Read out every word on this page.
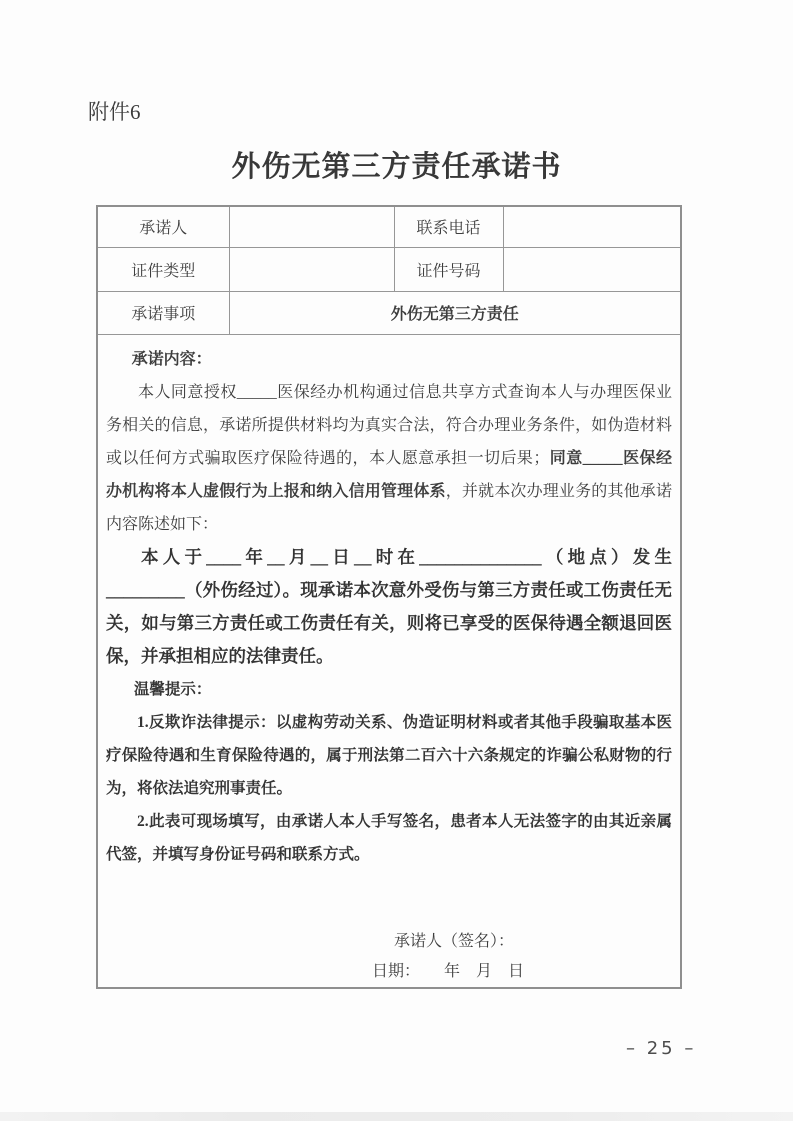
附件6
外伤无第三方责任承诺书
承诺人		联系电话	
证件类型		证件号码	
承诺事项	外伤无第三方责任		

承诺内容：

本人同意授权_____医保经办机构通过信息共享方式查询本人与办理医保业务相关的信息，承诺所提供材料均为真实合法，符合办理业务条件，如伪造材料或以任何方式骗取医疗保险待遇的，本人愿意承担一切后果；同意_____医保经办机构将本人虚假行为上报和纳入信用管理体系，并就本次办理业务的其他承诺内容陈述如下：

本人于____年__月__日__时在______________（地点）发生_________（外伤经过）。现承诺本次意外受伤与第三方责任或工伤责任无关，如与第三方责任或工伤责任有关，则将已享受的医保待遇全额退回医保，并承担相应的法律责任。

温馨提示：

1.反欺诈法律提示：以虚构劳动关系、伪造证明材料或者其他手段骗取基本医疗保险待遇和生育保险待遇的，属于刑法第二百六十六条规定的诈骗公私财物的行为，将依法追究刑事责任。

2.此表可现场填写，由承诺人本人手写签名，患者本人无法签字的由其近亲属代签，并填写身份证号码和联系方式。

承诺人（签名）：
日期：      年    月    日
– 25 –
